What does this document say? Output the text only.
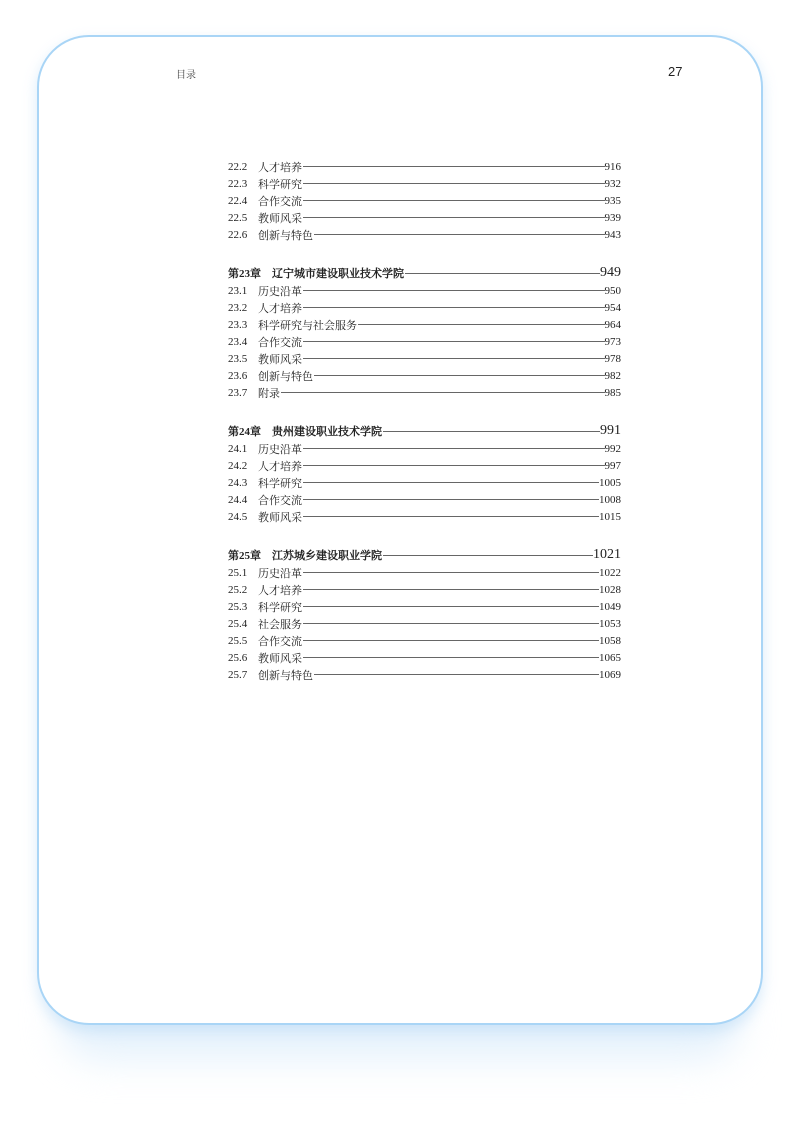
目录	27
22.2 人才培养	916
22.3 科学研究	932
22.4 合作交流	935
22.5 教师风采	939
22.6 创新与特色	943
第23章	辽宁城市建设职业技术学院	949
23.1 历史沿革	950
23.2 人才培养	954
23.3 科学研究与社会服务	964
23.4 合作交流	973
23.5 教师风采	978
23.6 创新与特色	982
23.7 附录	985
第24章	贵州建设职业技术学院	991
24.1 历史沿革	992
24.2 人才培养	997
24.3 科学研究	1005
24.4 合作交流	1008
24.5 教师风采	1015
第25章	江苏城乡建设职业学院	1021
25.1 历史沿革	1022
25.2 人才培养	1028
25.3 科学研究	1049
25.4 社会服务	1053
25.5 合作交流	1058
25.6 教师风采	1065
25.7 创新与特色	1069
